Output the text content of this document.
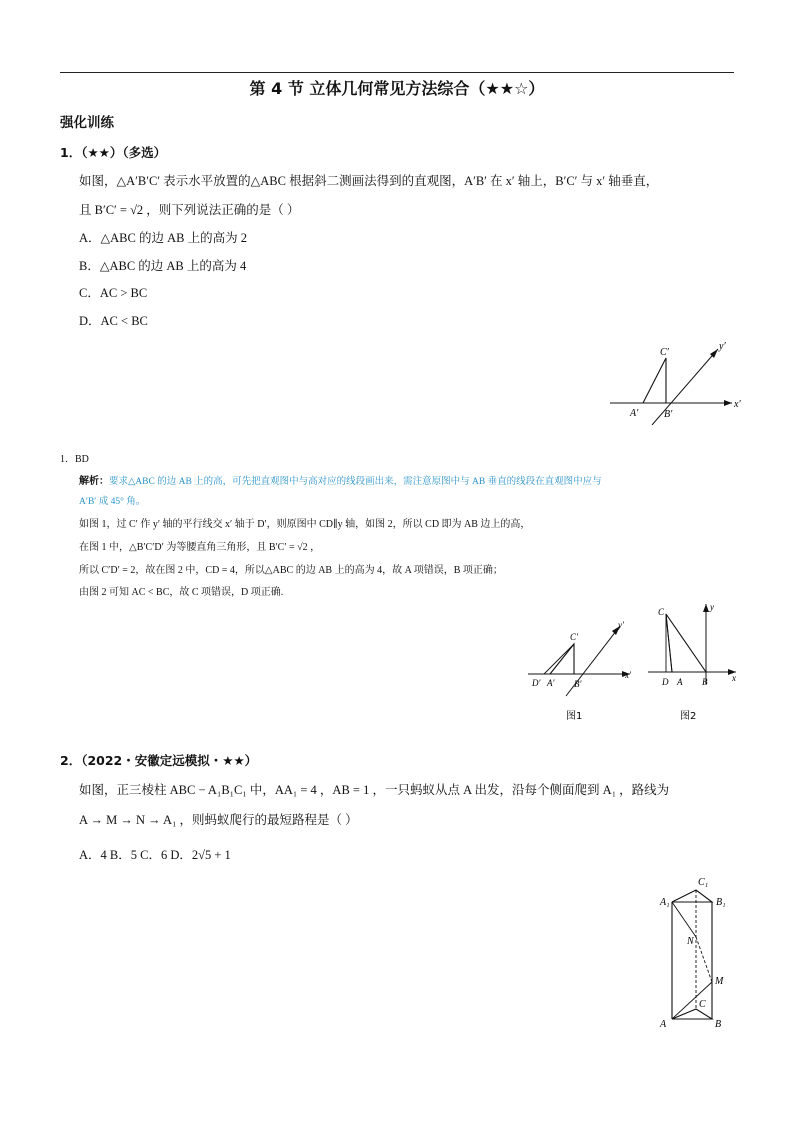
第 4 节 立体几何常见方法综合（★★☆）
强化训练
1．（★★）（多选）
如图，△A′B′C′ 表示水平放置的△ABC 根据斜二测画法得到的直观图，A′B′ 在 x′ 轴上，B′C′ 与 x′ 轴垂直，
且 B′C′ = √2 ，则下列说法正确的是（ ）
A．△ABC 的边 AB 上的高为 2
B．△ABC 的边 AB 上的高为 4
C．AC > BC
D．AC < BC
C′
A′	B′
x′
y′
1．BD
解析：要求△ABC 的边 AB 上的高，可先把直观图中与高对应的线段画出来，需注意原图中与 AB 垂直的线段在直观图中应与
A′B′ 成 45° 角。
如图 1，过 C′ 作 y′ 轴的平行线交 x′ 轴于 D′，则原图中 CD∥y 轴，如图 2，所以 CD 即为 AB 边上的高，
在图 1 中，△B′C′D′ 为等腰直角三角形，且 B′C′ = √2 ，
所以 C′D′ = 2，故在图 2 中，CD = 4，所以△ABC 的边 AB 上的高为 4，故 A 项错误，B 项正确；
由图 2 可知 AC < BC，故 C 项错误，D 项正确.
C′
D′ A′ B′
x′
y′
图1
C
D A B
y
x
图2
2．（2022・安徽定远模拟・★★）
如图，正三棱柱 ABC − A₁B₁C₁ 中，AA₁ = 4 ，AB = 1 ，一只蚂蚁从点 A 出发，沿每个侧面爬到 A₁ ，路线为
A → M → N → A₁ ，则蚂蚁爬行的最短路程是（ ）
A．4 B．5 C．6 D．2√5 + 1
C₁
A₁	B₁
N
M
C
A	B
